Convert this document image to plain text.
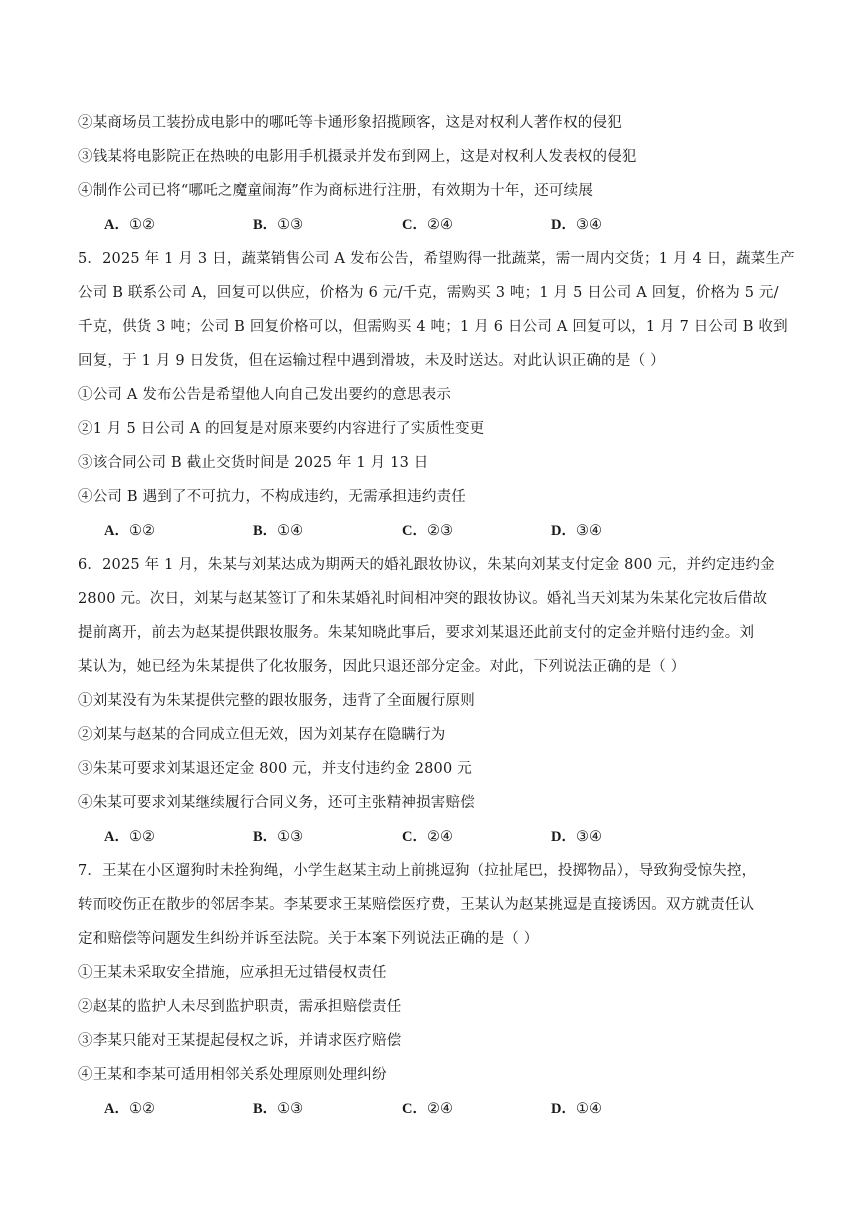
②某商场员工装扮成电影中的哪吒等卡通形象招揽顾客，这是对权利人著作权的侵犯
③钱某将电影院正在热映的电影用手机摄录并发布到网上，这是对权利人发表权的侵犯
④制作公司已将“哪吒之魔童闹海”作为商标进行注册，有效期为十年，还可续展
A．①②	B．①③	C．②④	D．③④
5．2025 年 1 月 3 日，蔬菜销售公司 A 发布公告，希望购得一批蔬菜，需一周内交货；1 月 4 日，蔬菜生产
公司 B 联系公司 A，回复可以供应，价格为 6 元/千克，需购买 3 吨；1 月 5 日公司 A 回复，价格为 5 元/
千克，供货 3 吨；公司 B 回复价格可以，但需购买 4 吨；1 月 6 日公司 A 回复可以，1 月 7 日公司 B 收到
回复，于 1 月 9 日发货，但在运输过程中遇到滑坡，未及时送达。对此认识正确的是（ ）
①公司 A 发布公告是希望他人向自己发出要约的意思表示
②1 月 5 日公司 A 的回复是对原来要约内容进行了实质性变更
③该合同公司 B 截止交货时间是 2025 年 1 月 13 日
④公司 B 遇到了不可抗力，不构成违约，无需承担违约责任
A．①②	B．①④	C．②③	D．③④
6．2025 年 1 月，朱某与刘某达成为期两天的婚礼跟妆协议，朱某向刘某支付定金 800 元，并约定违约金
2800 元。次日，刘某与赵某签订了和朱某婚礼时间相冲突的跟妆协议。婚礼当天刘某为朱某化完妆后借故
提前离开，前去为赵某提供跟妆服务。朱某知晓此事后，要求刘某退还此前支付的定金并赔付违约金。刘
某认为，她已经为朱某提供了化妆服务，因此只退还部分定金。对此，下列说法正确的是（ ）
①刘某没有为朱某提供完整的跟妆服务，违背了全面履行原则
②刘某与赵某的合同成立但无效，因为刘某存在隐瞒行为
③朱某可要求刘某退还定金 800 元，并支付违约金 2800 元
④朱某可要求刘某继续履行合同义务，还可主张精神损害赔偿
A．①②	B．①③	C．②④	D．③④
7．王某在小区遛狗时未拴狗绳，小学生赵某主动上前挑逗狗（拉扯尾巴，投掷物品），导致狗受惊失控，
转而咬伤正在散步的邻居李某。李某要求王某赔偿医疗费，王某认为赵某挑逗是直接诱因。双方就责任认
定和赔偿等问题发生纠纷并诉至法院。关于本案下列说法正确的是（ ）
①王某未采取安全措施，应承担无过错侵权责任
②赵某的监护人未尽到监护职责，需承担赔偿责任
③李某只能对王某提起侵权之诉，并请求医疗赔偿
④王某和李某可适用相邻关系处理原则处理纠纷
A．①②	B．①③	C．②④	D．①④
